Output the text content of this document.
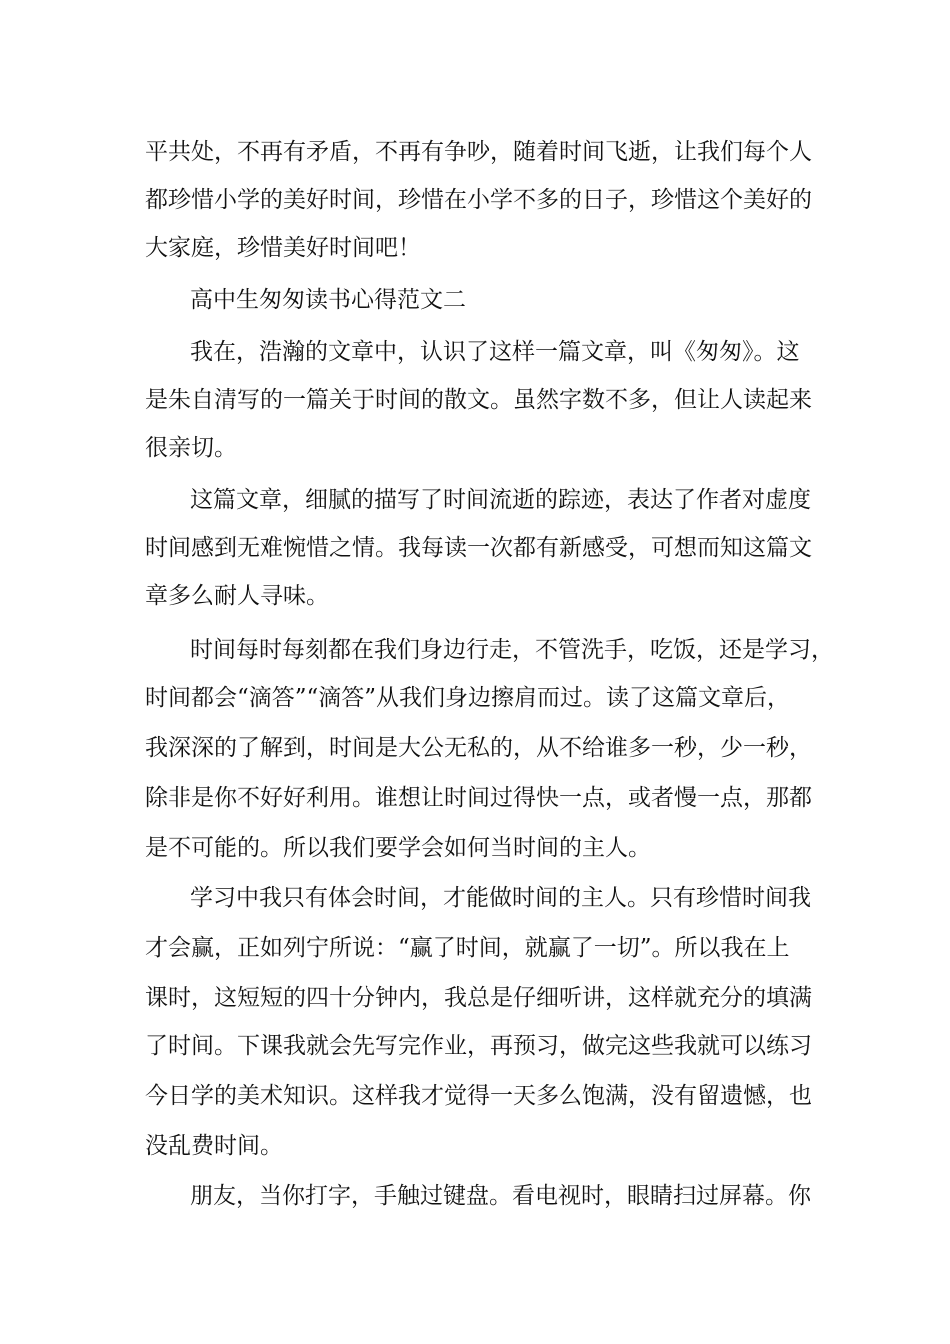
平共处，不再有矛盾，不再有争吵，随着时间飞逝，让我们每个人
都珍惜小学的美好时间，珍惜在小学不多的日子，珍惜这个美好的
大家庭，珍惜美好时间吧！
高中生匆匆读书心得范文二
我在，浩瀚的文章中，认识了这样一篇文章，叫《匆匆》。这
是朱自清写的一篇关于时间的散文。虽然字数不多，但让人读起来
很亲切。
这篇文章，细腻的描写了时间流逝的踪迹，表达了作者对虚度
时间感到无难惋惜之情。我每读一次都有新感受，可想而知这篇文
章多么耐人寻味。
时间每时每刻都在我们身边行走，不管洗手，吃饭，还是学习，
时间都会“滴答”“滴答”从我们身边擦肩而过。读了这篇文章后，
我深深的了解到，时间是大公无私的，从不给谁多一秒，少一秒，
除非是你不好好利用。谁想让时间过得快一点，或者慢一点，那都
是不可能的。所以我们要学会如何当时间的主人。
学习中我只有体会时间，才能做时间的主人。只有珍惜时间我
才会赢，正如列宁所说：“赢了时间，就赢了一切”。所以我在上
课时，这短短的四十分钟内，我总是仔细听讲，这样就充分的填满
了时间。下课我就会先写完作业，再预习，做完这些我就可以练习
今日学的美术知识。这样我才觉得一天多么饱满，没有留遗憾，也
没乱费时间。
朋友，当你打字，手触过键盘。看电视时，眼睛扫过屏幕。你
